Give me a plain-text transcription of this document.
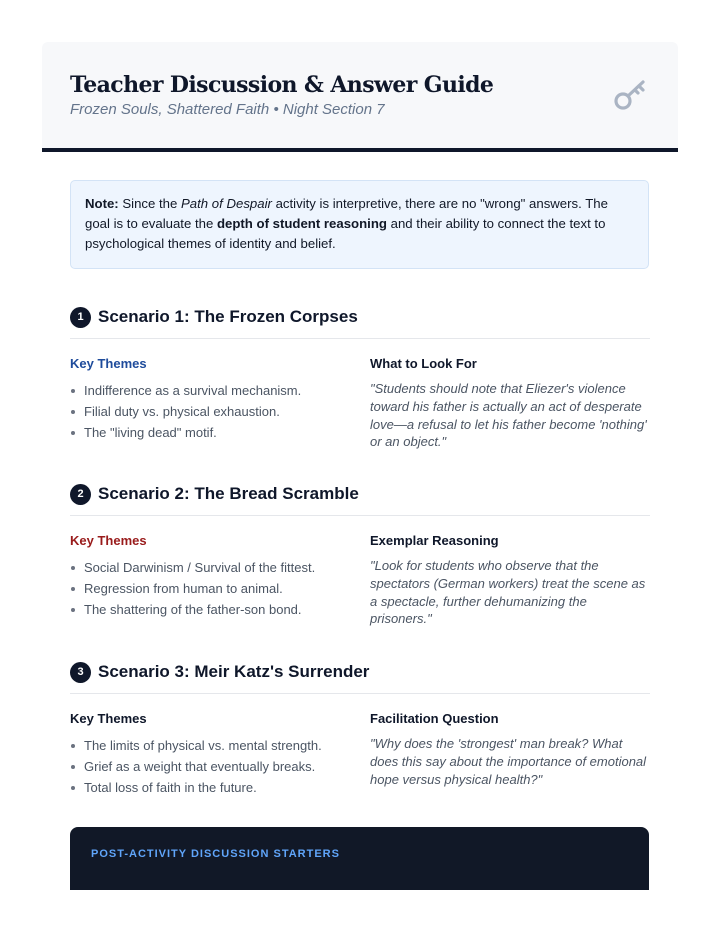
Teacher Discussion & Answer Guide
Frozen Souls, Shattered Faith • Night Section 7
Note: Since the Path of Despair activity is interpretive, there are no "wrong" answers. The goal is to evaluate the depth of student reasoning and their ability to connect the text to psychological themes of identity and belief.
1 Scenario 1: The Frozen Corpses
Key Themes
Indifference as a survival mechanism.
Filial duty vs. physical exhaustion.
The "living dead" motif.
What to Look For
"Students should note that Eliezer's violence toward his father is actually an act of desperate love—a refusal to let his father become 'nothing' or an object."
2 Scenario 2: The Bread Scramble
Key Themes
Social Darwinism / Survival of the fittest.
Regression from human to animal.
The shattering of the father-son bond.
Exemplar Reasoning
"Look for students who observe that the spectators (German workers) treat the scene as a spectacle, further dehumanizing the prisoners."
3 Scenario 3: Meir Katz's Surrender
Key Themes
The limits of physical vs. mental strength.
Grief as a weight that eventually breaks.
Total loss of faith in the future.
Facilitation Question
"Why does the 'strongest' man break? What does this say about the importance of emotional hope versus physical health?"
POST-ACTIVITY DISCUSSION STARTERS
